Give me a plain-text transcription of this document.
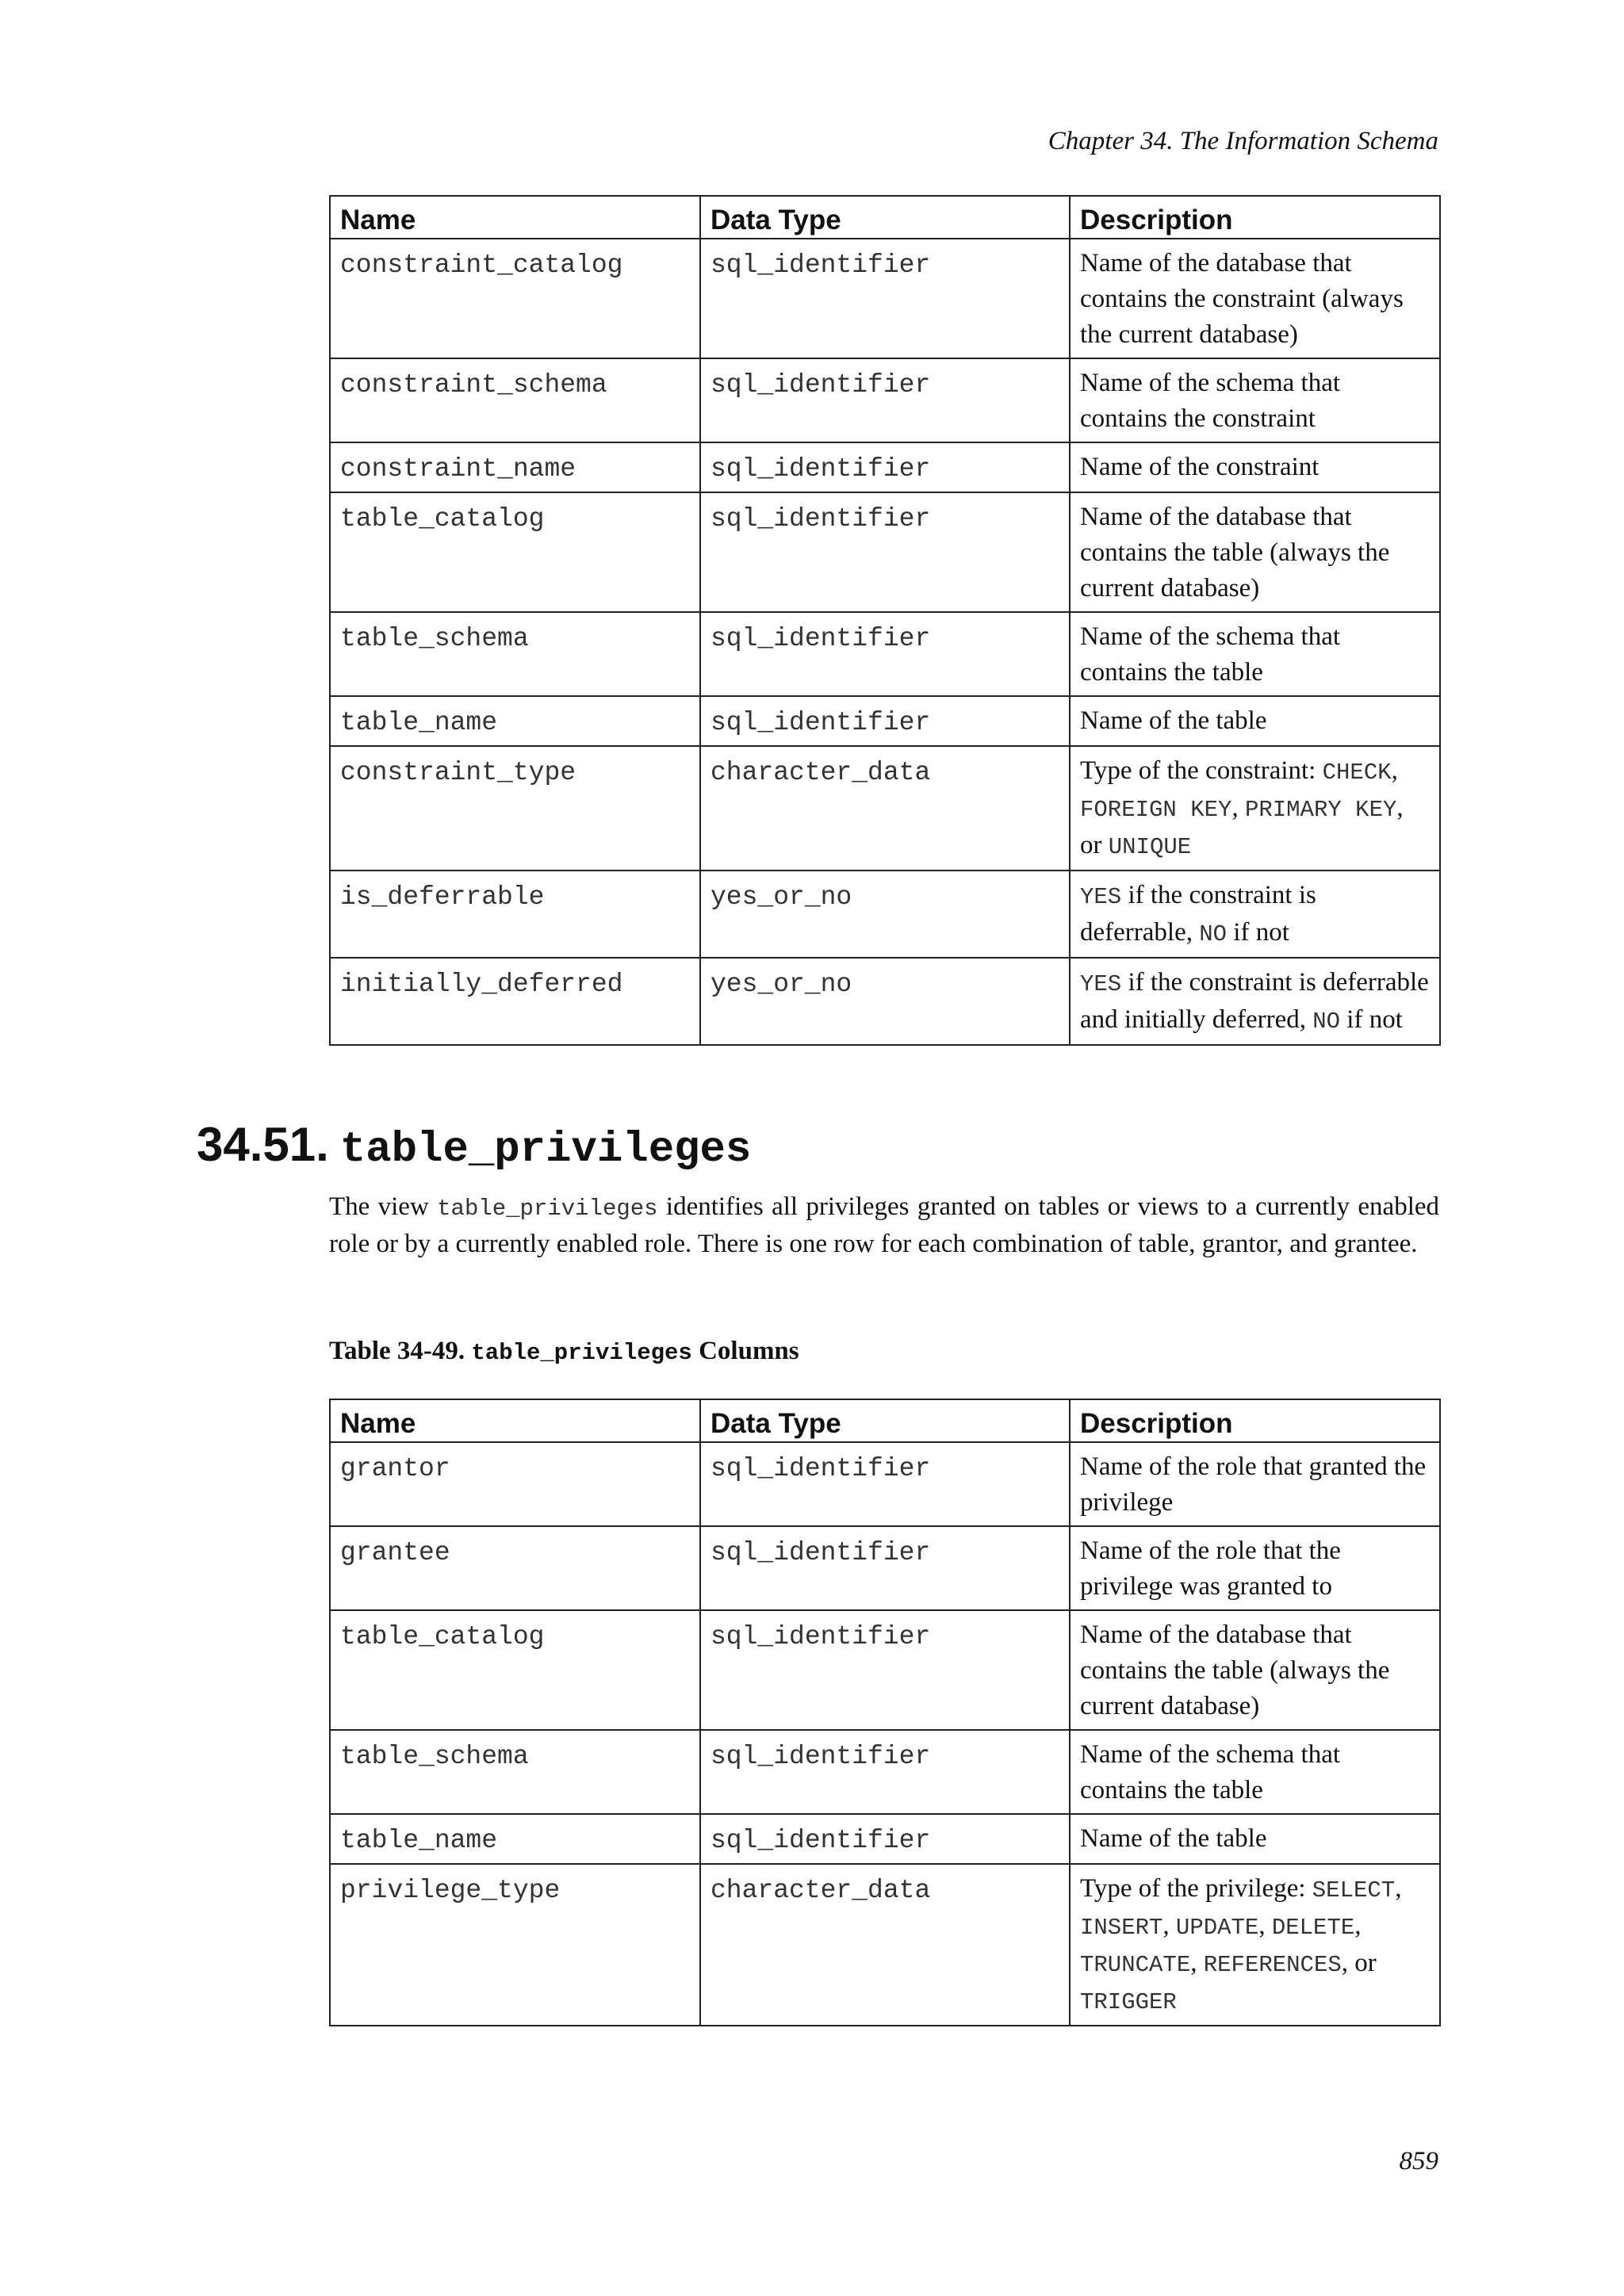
Chapter 34. The Information Schema
Name	Data Type	Description
constraint_catalog	sql_identifier	Name of the database that contains the constraint (always the current database)
constraint_schema	sql_identifier	Name of the schema that contains the constraint
constraint_name	sql_identifier	Name of the constraint
table_catalog	sql_identifier	Name of the database that contains the table (always the current database)
table_schema	sql_identifier	Name of the schema that contains the table
table_name	sql_identifier	Name of the table
constraint_type	character_data	Type of the constraint: CHECK, FOREIGN KEY, PRIMARY KEY, or UNIQUE
is_deferrable	yes_or_no	YES if the constraint is deferrable, NO if not
initially_deferred	yes_or_no	YES if the constraint is deferrable and initially deferred, NO if not
34.51. table_privileges

The view table_privileges identifies all privileges granted on tables or views to a currently enabled role or by a currently enabled role. There is one row for each combination of table, grantor, and grantee.

Table 34-49. table_privileges Columns

Name	Data Type	Description
grantor	sql_identifier	Name of the role that granted the privilege
grantee	sql_identifier	Name of the role that the privilege was granted to
table_catalog	sql_identifier	Name of the database that contains the table (always the current database)
table_schema	sql_identifier	Name of the schema that contains the table
table_name	sql_identifier	Name of the table
privilege_type	character_data	Type of the privilege: SELECT, INSERT, UPDATE, DELETE, TRUNCATE, REFERENCES, or TRIGGER
859
